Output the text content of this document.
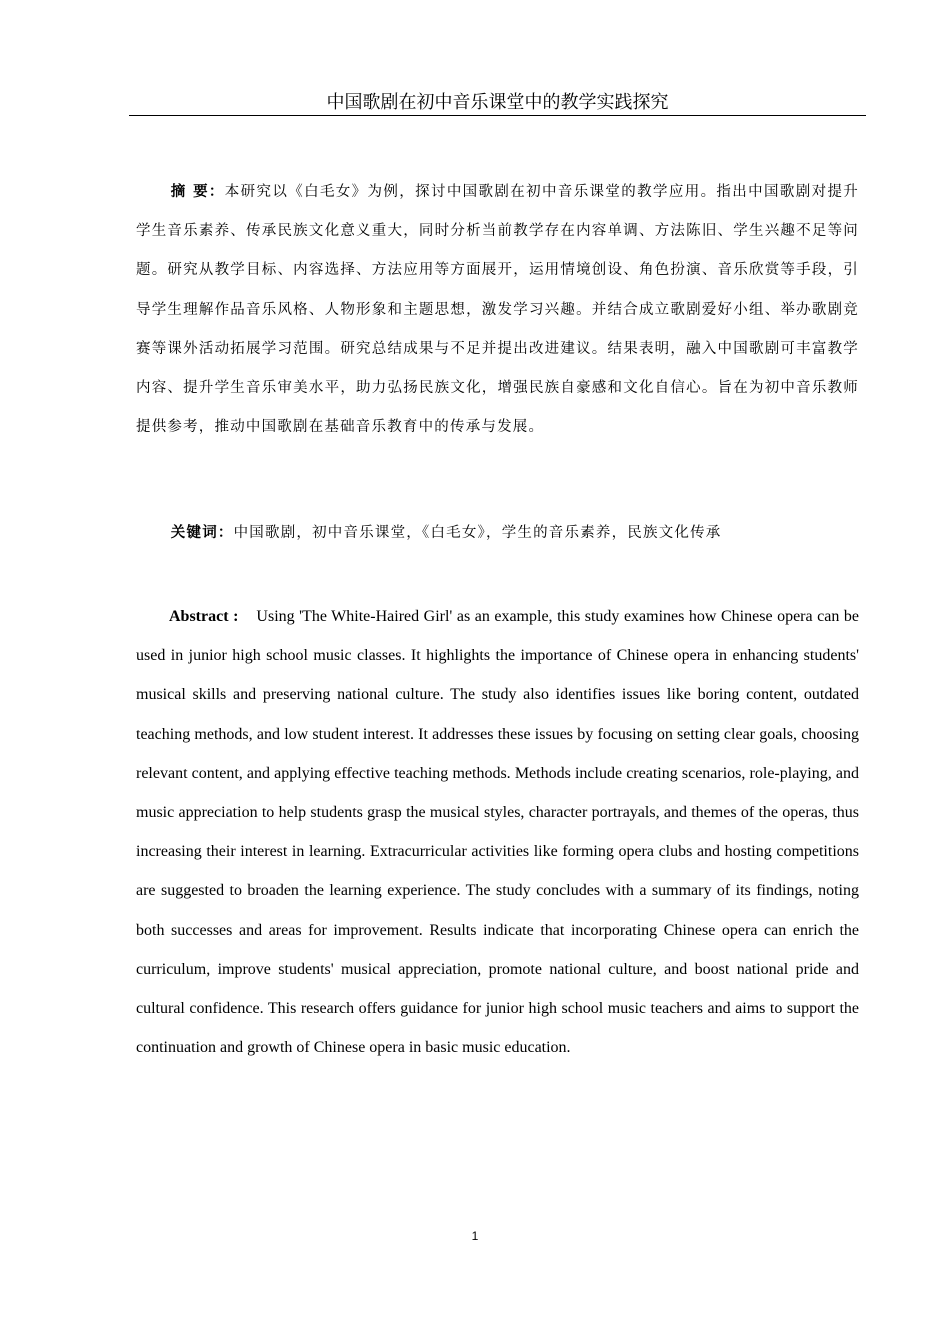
中国歌剧在初中音乐课堂中的教学实践探究

摘 要：本研究以《白毛女》为例，探讨中国歌剧在初中音乐课堂的教学应用。指出中国歌剧对提升学生音乐素养、传承民族文化意义重大，同时分析当前教学存在内容单调、方法陈旧、学生兴趣不足等问题。研究从教学目标、内容选择、方法应用等方面展开，运用情境创设、角色扮演、音乐欣赏等手段，引导学生理解作品音乐风格、人物形象和主题思想，激发学习兴趣。并结合成立歌剧爱好小组、举办歌剧竞赛等课外活动拓展学习范围。研究总结成果与不足并提出改进建议。结果表明，融入中国歌剧可丰富教学内容、提升学生音乐审美水平，助力弘扬民族文化，增强民族自豪感和文化自信心。旨在为初中音乐教师提供参考，推动中国歌剧在基础音乐教育中的传承与发展。

关键词：中国歌剧，初中音乐课堂，《白毛女》，学生的音乐素养，民族文化传承

Abstract : Using 'The White-Haired Girl' as an example, this study examines how Chinese opera can be used in junior high school music classes. It highlights the importance of Chinese opera in enhancing students' musical skills and preserving national culture. The study also identifies issues like boring content, outdated teaching methods, and low student interest. It addresses these issues by focusing on setting clear goals, choosing relevant content, and applying effective teaching methods. Methods include creating scenarios, role-playing, and music appreciation to help students grasp the musical styles, character portrayals, and themes of the operas, thus increasing their interest in learning. Extracurricular activities like forming opera clubs and hosting competitions are suggested to broaden the learning experience. The study concludes with a summary of its findings, noting both successes and areas for improvement. Results indicate that incorporating Chinese opera can enrich the curriculum, improve students' musical appreciation, promote national culture, and boost national pride and cultural confidence. This research offers guidance for junior high school music teachers and aims to support the continuation and growth of Chinese opera in basic music education.

1
